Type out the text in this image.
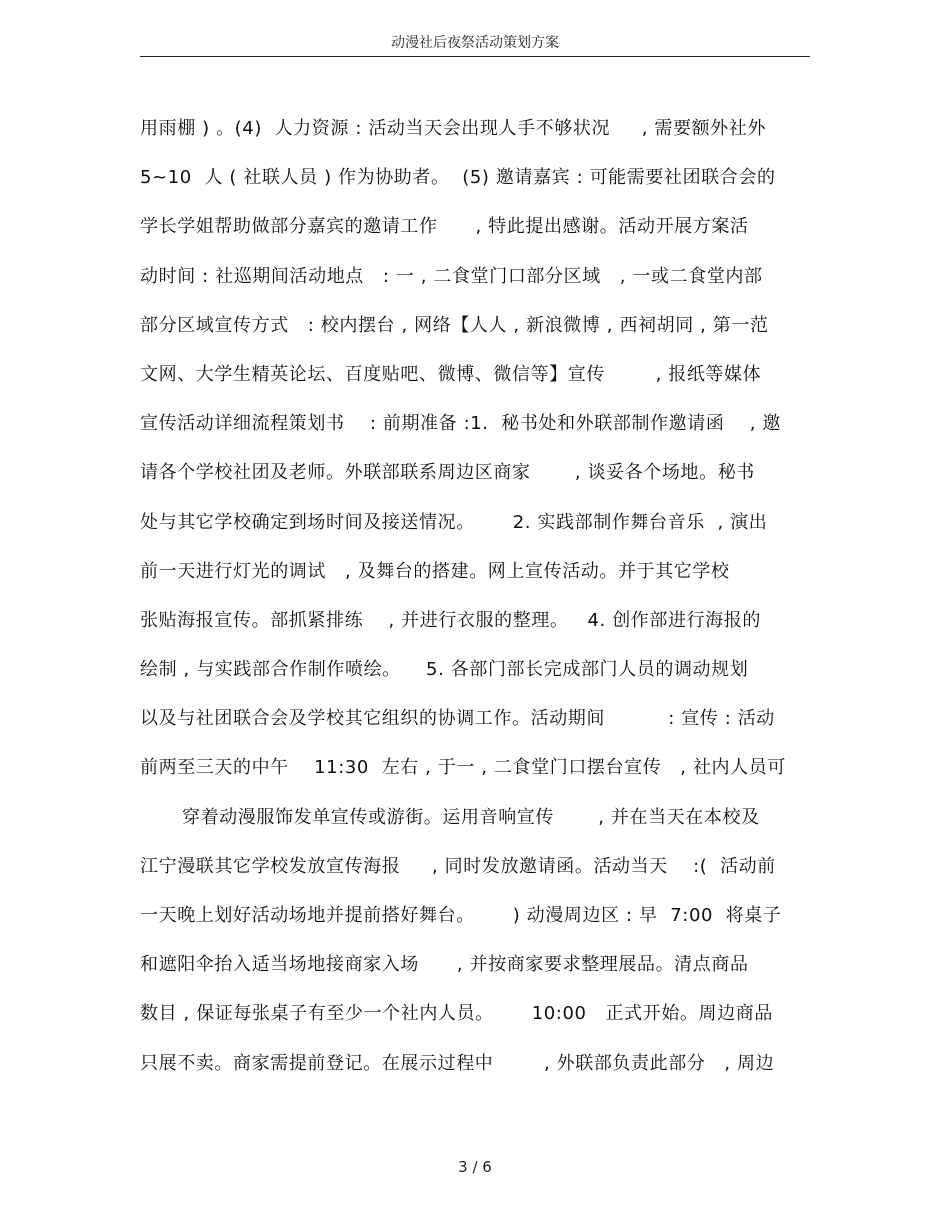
动漫社后夜祭活动策划方案
用雨棚 ) 。(4)  人力资源 : 活动当天会出现人手不够状况     , 需要额外社外
5~10  人 ( 社联人员 ) 作为协助者。  (5) 邀请嘉宾 : 可能需要社团联合会的
学长学姐帮助做部分嘉宾的邀请工作      , 特此提出感谢。活动开展方案活
动时间 : 社巡期间活动地点   : 一 , 二食堂门口部分区域   , 一或二食堂内部
部分区域宣传方式   : 校内摆台 , 网络【人人 , 新浪微博 , 西祠胡同 , 第一范
文网、大学生精英论坛、百度贴吧、微博、微信等】宣传        , 报纸等媒体
宣传活动详细流程策划书    : 前期准备 :1.  秘书处和外联部制作邀请函    , 邀
请各个学校社团及老师。外联部联系周边区商家       , 谈妥各个场地。秘书
处与其它学校确定到场时间及接送情况。      2. 实践部制作舞台音乐  , 演出
前一天进行灯光的调试   , 及舞台的搭建。网上宣传活动。并于其它学校
张贴海报宣传。部抓紧排练    , 并进行衣服的整理。   4. 创作部进行海报的
绘制 , 与实践部合作制作喷绘。    5. 各部门部长完成部门人员的调动规划
以及与社团联合会及学校其它组织的协调工作。活动期间          : 宣传 : 活动
前两至三天的中午    11:30  左右 , 于一 , 二食堂门口摆台宣传   , 社内人员可
穿着动漫服饰发单宣传或游街。运用音响宣传       , 并在当天在本校及
江宁漫联其它学校发放宣传海报     , 同时发放邀请函。活动当天    :(  活动前
一天晚上划好活动场地并提前搭好舞台。      ) 动漫周边区 : 早  7:00  将桌子
和遮阳伞抬入适当场地接商家入场      , 并按商家要求整理展品。清点商品
数目 , 保证每张桌子有至少一个社内人员。      10:00   正式开始。周边商品
只展不卖。商家需提前登记。在展示过程中        , 外联部负责此部分   , 周边
3 / 6
